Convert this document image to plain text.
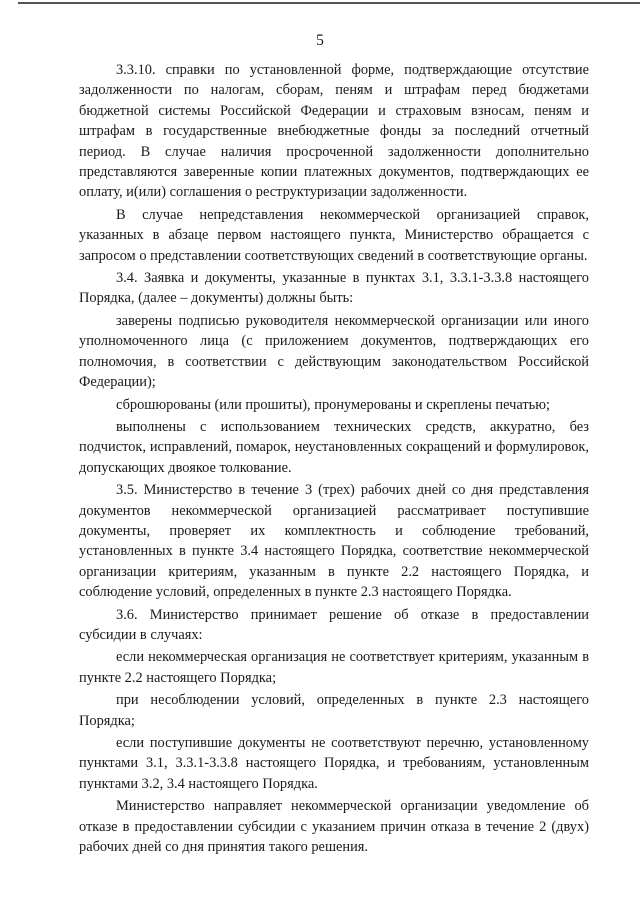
5

3.3.10. справки по установленной форме, подтверждающие отсутствие задолженности по налогам, сборам, пеням и штрафам перед бюджетами бюджетной системы Российской Федерации и страховым взносам, пеням и штрафам в государственные внебюджетные фонды за последний отчетный период. В случае наличия просроченной задолженности дополнительно представляются заверенные копии платежных документов, подтверждающих ее оплату, и(или) соглашения о реструктуризации задолженности.

В случае непредставления некоммерческой организацией справок, указанных в абзаце первом настоящего пункта, Министерство обращается с запросом о представлении соответствующих сведений в соответствующие органы.

3.4. Заявка и документы, указанные в пунктах 3.1, 3.3.1-3.3.8 настоящего Порядка, (далее – документы) должны быть:

заверены подписью руководителя некоммерческой организации или иного уполномоченного лица (с приложением документов, подтверждающих его полномочия, в соответствии с действующим законодательством Российской Федерации);

сброшюрованы (или прошиты), пронумерованы и скреплены печатью;

выполнены с использованием технических средств, аккуратно, без подчисток, исправлений, помарок, неустановленных сокращений и формулировок, допускающих двоякое толкование.

3.5. Министерство в течение 3 (трех) рабочих дней со дня представления документов некоммерческой организацией рассматривает поступившие документы, проверяет их комплектность и соблюдение требований, установленных в пункте 3.4 настоящего Порядка, соответствие некоммерческой организации критериям, указанным в пункте 2.2 настоящего Порядка, и соблюдение условий, определенных в пункте 2.3 настоящего Порядка.

3.6. Министерство принимает решение об отказе в предоставлении субсидии в случаях:

если некоммерческая организация не соответствует критериям, указанным в пункте 2.2 настоящего Порядка;

при несоблюдении условий, определенных в пункте 2.3 настоящего Порядка;

если поступившие документы не соответствуют перечню, установленному пунктами 3.1, 3.3.1-3.3.8 настоящего Порядка, и требованиям, установленным пунктами 3.2, 3.4 настоящего Порядка.

Министерство направляет некоммерческой организации уведомление об отказе в предоставлении субсидии с указанием причин отказа в течение 2 (двух) рабочих дней со дня принятия такого решения.
